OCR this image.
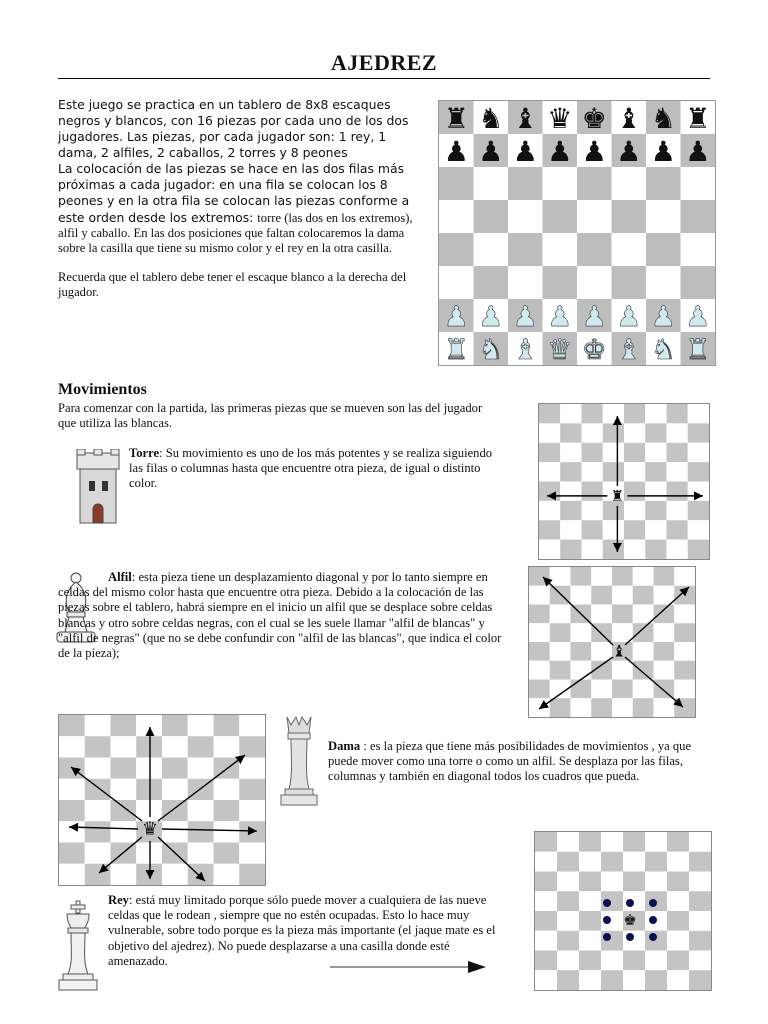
AJEDREZ
Este juego se practica en un tablero de 8x8 escaques negros y blancos, con 16 piezas por cada uno de los dos jugadores. Las piezas, por cada jugador son: 1 rey, 1 dama, 2 alfiles, 2 caballos, 2 torres y 8 peones
La colocación de las piezas se hace en las dos filas más próximas a cada jugador: en una fila se colocan los 8 peones y en la otra fila se colocan las piezas conforme a este orden desde los extremos: torre (las dos en los extremos), alfil y caballo. En las dos posiciones que faltan colocaremos la dama sobre la casilla que tiene su mismo color y el rey en la otra casilla.
Recuerda que el tablero debe tener el escaque blanco a la derecha del jugador.
♜ ♞ ♝ ♛ ♚ ♝ ♞ ♜
♟ ♟ ♟ ♟ ♟ ♟ ♟ ♟
♟ ♟ ♟ ♟ ♟ ♟ ♟ ♟
♜ ♞ ♝ ♛ ♚ ♝ ♞ ♜
Movimientos
Para comenzar con la partida, las primeras piezas que se mueven son las del jugador que utiliza las blancas.
Torre: Su movimiento es uno de los más potentes y se realiza siguiendo las filas o columnas hasta que encuentre otra pieza, de igual o distinto color.
♜
Alfil: esta pieza tiene un desplazamiento diagonal y por lo tanto siempre en celdas del mismo color hasta que encuentre otra pieza. Debido a la colocación de las piezas sobre el tablero, habrá siempre en el inicio un alfil que se desplace sobre celdas blancas y otro sobre celdas negras, con el cual se les suele llamar "alfil de blancas" y "alfil de negras" (que no se debe confundir con "alfil de las blancas", que indica el color de la pieza);	♝
♛
Dama : es la pieza que tiene más posibilidades de movimientos , ya que puede mover como una torre o como un alfil. Se desplaza por las filas, columnas y también en diagonal todos los cuadros que pueda.
♚
Rey: está muy limitado porque sólo puede mover a cualquiera de las nueve celdas que le rodean , siempre que no estén ocupadas. Esto lo hace muy vulnerable, sobre todo porque es la pieza más importante (el jaque mate es el objetivo del ajedrez). No puede desplazarse a una casilla donde esté amenazado.
